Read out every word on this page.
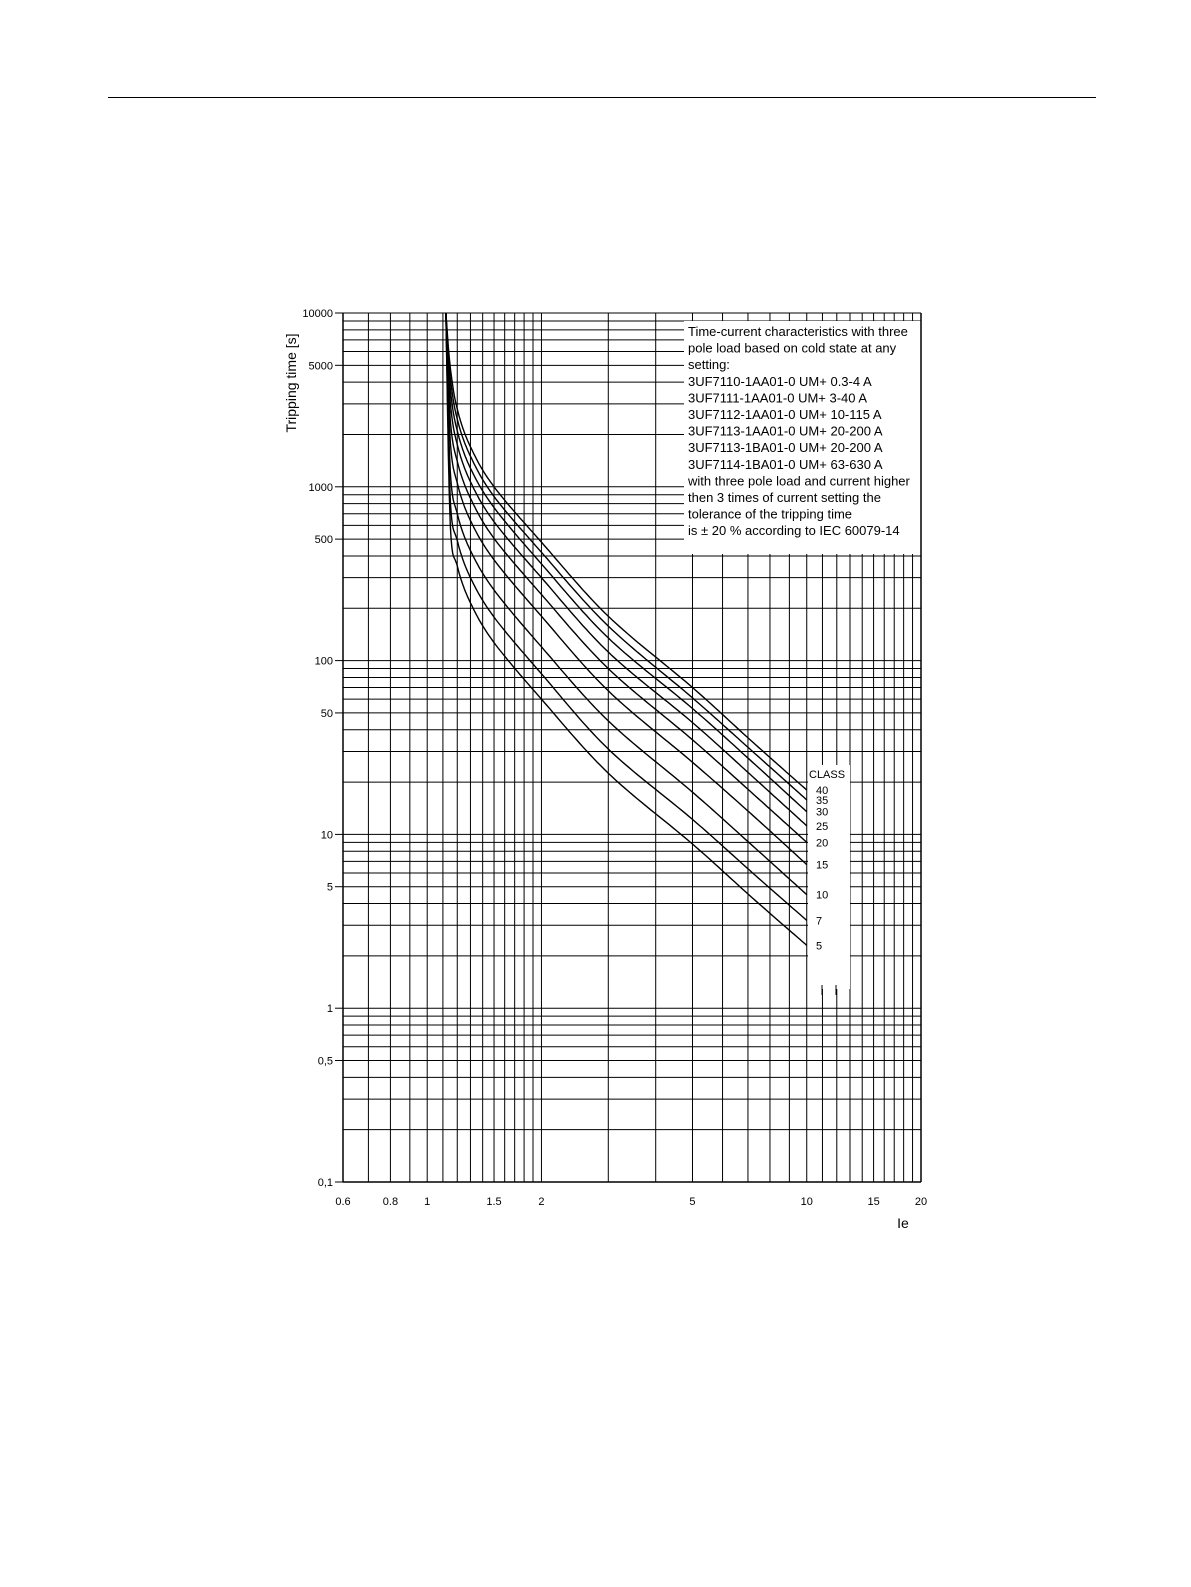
Time-current characteristics with three
pole load based on cold state at any
setting:
3UF7110-1AA01-0 UM+ 0.3-4 A
3UF7111-1AA01-0 UM+ 3-40 A
3UF7112-1AA01-0 UM+ 10-115 A
3UF7113-1AA01-0 UM+ 20-200 A
3UF7113-1BA01-0 UM+ 20-200 A
3UF7114-1BA01-0 UM+ 63-630 A
with three pole load and current higher
then 3 times of current setting the
tolerance of the tripping time
is ± 20 % according to IEC 60079-14
CLASS
40
35
30
25
20
15
10
7
5
10000
5000
1000
500
100
50
10
5
1
0,5
0,1
0.6	0.8 1	1.5	2	5	10	15	20
Tripping time [s]
Ie
